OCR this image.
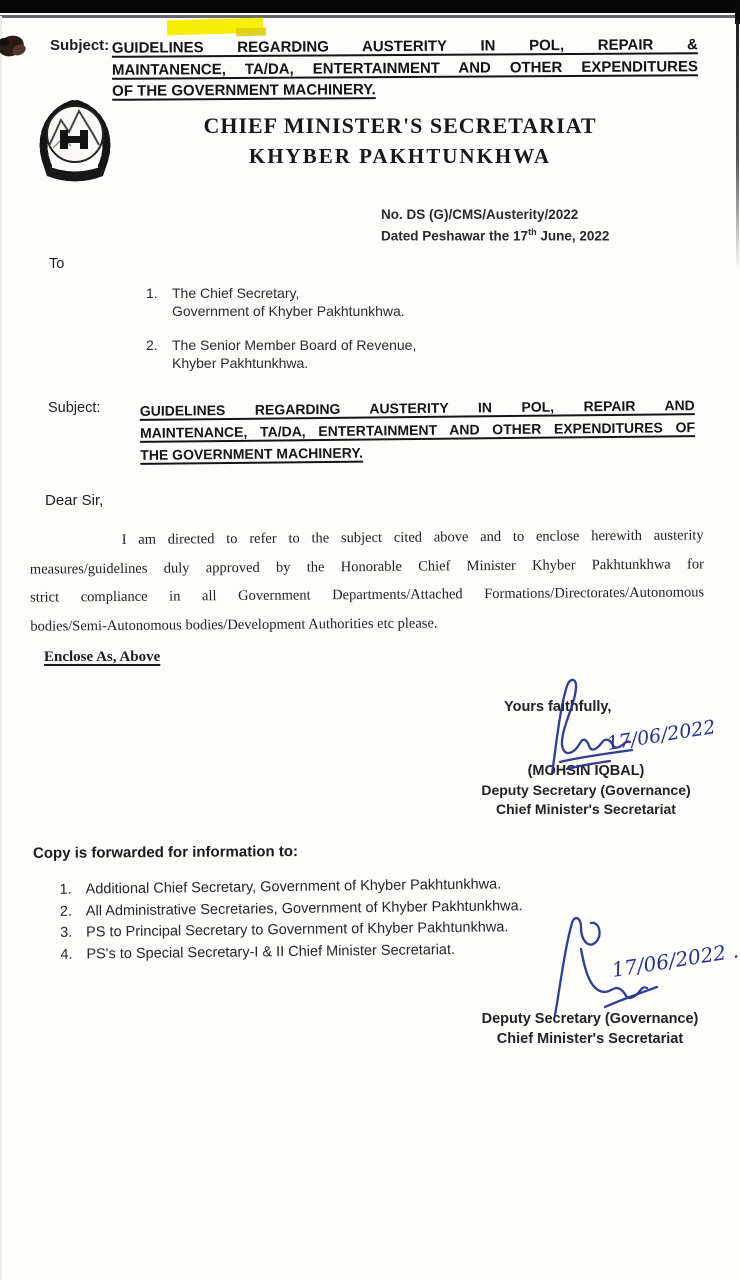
Subject: GUIDELINES REGARDING AUSTERITY IN POL, REPAIR &
MAINTANENCE, TA/DA, ENTERTAINMENT AND OTHER EXPENDITURES
OF THE GOVERNMENT MACHINERY.
CHIEF MINISTER'S SECRETARIAT
KHYBER PAKHTUNKHWA
No. DS (G)/CMS/Austerity/2022
Dated Peshawar the 17th June, 2022
To
1.	The Chief Secretary,
Government of Khyber Pakhtunkhwa.
2.	The Senior Member Board of Revenue,
Khyber Pakhtunkhwa.
Subject:	GUIDELINES REGARDING AUSTERITY IN POL, REPAIR AND
MAINTENANCE, TA/DA, ENTERTAINMENT AND OTHER EXPENDITURES OF
THE GOVERNMENT MACHINERY.
Dear Sir,
I am directed to refer to the subject cited above and to enclose herewith austerity
measures/guidelines duly approved by the Honorable Chief Minister Khyber Pakhtunkhwa for
strict compliance in all Government Departments/Attached Formations/Directorates/Autonomous
bodies/Semi-Autonomous bodies/Development Authorities etc please.
Enclose As, Above
Yours faithfully,
17/06/2022
(MOHSIN IQBAL)
Deputy Secretary (Governance)
Chief Minister's Secretariat
Copy is forwarded for information to:
1. Additional Chief Secretary, Government of Khyber Pakhtunkhwa.
2. All Administrative Secretaries, Government of Khyber Pakhtunkhwa.
3. PS to Principal Secretary to Government of Khyber Pakhtunkhwa.
4. PS's to Special Secretary-I & II Chief Minister Secretariat.	17/06/2022 .
Deputy Secretary (Governance)
Chief Minister's Secretariat
